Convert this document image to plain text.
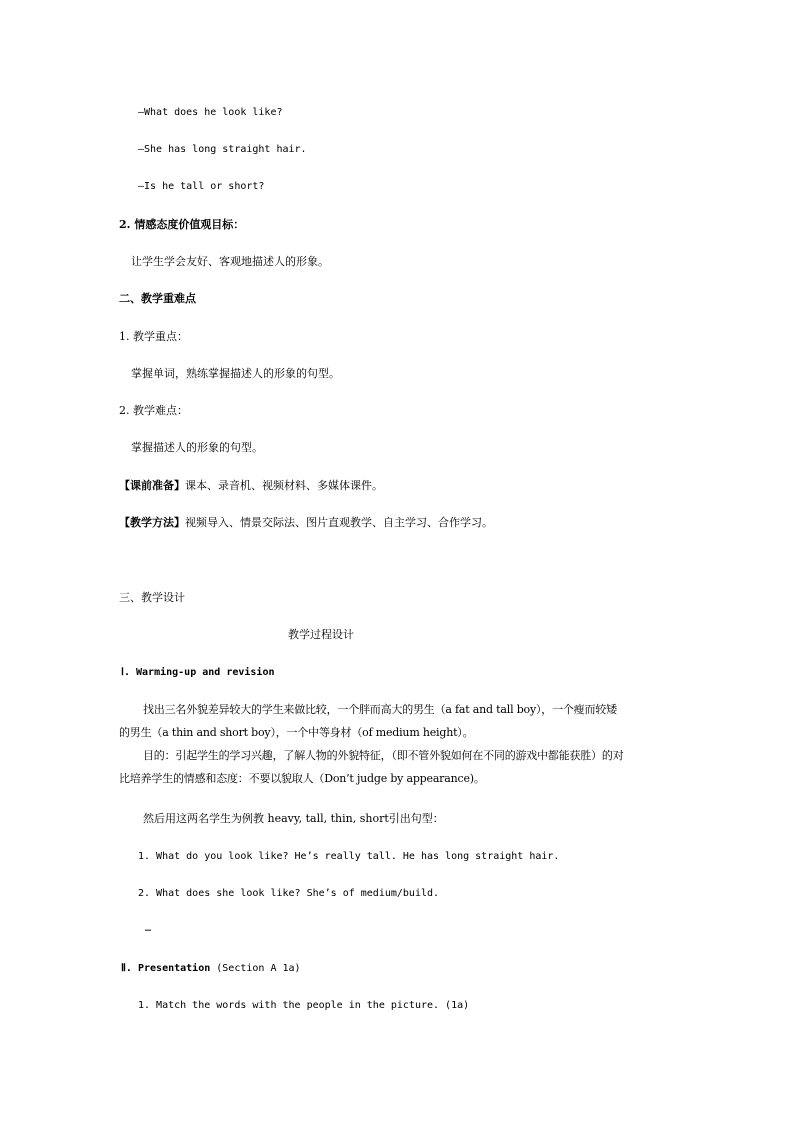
—What does he look like?
—She has long straight hair.
—Is he tall or short?
2. 情感态度价值观目标：
让学生学会友好、客观地描述人的形象。
二、教学重难点
1. 教学重点：
掌握单词，熟练掌握描述人的形象的句型。
2. 教学难点：
掌握描述人的形象的句型。
【课前准备】课本、录音机、视频材料、多媒体课件。
【教学方法】视频导入、情景交际法、图片直观教学、自主学习、合作学习。
三、教学设计
教学过程设计
Ⅰ. Warming-up and revision
找出三名外貌差异较大的学生来做比较，一个胖而高大的男生（a fat and tall boy），一个瘦而较矮
的男生（a thin and short boy），一个中等身材（of medium height）。
目的：引起学生的学习兴趣，了解人物的外貌特征，（即不管外貌如何在不同的游戏中都能获胜）的对
比培养学生的情感和态度：不要以貌取人（Don’t judge by appearance)。
然后用这两名学生为例教 heavy, tall, thin, short引出句型：
1. What do you look like? He’s really tall. He has long straight hair.
2. What does she look like? She’s of medium/build.
…
Ⅱ. Presentation (Section A 1a)
1. Match the words with the people in the picture. (1a)
